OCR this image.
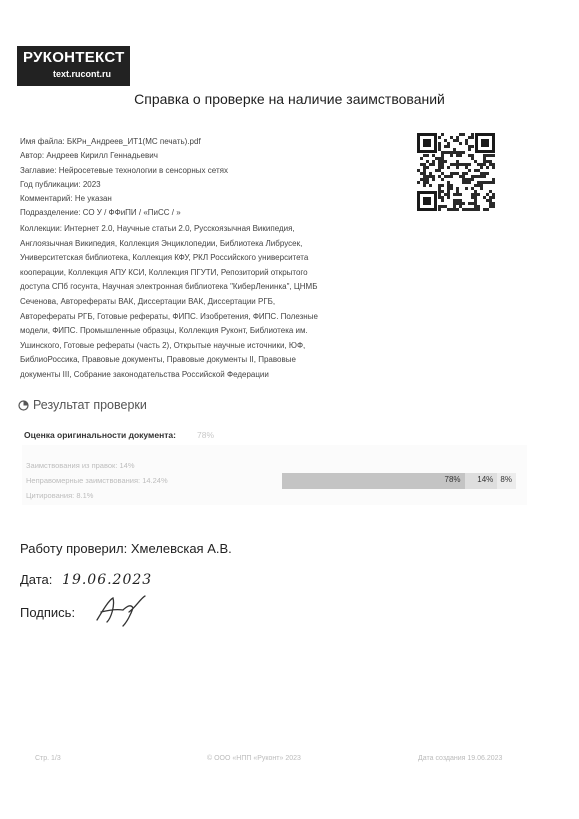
РУКОНТЕКСТ
text.rucont.ru
Справка о проверке на наличие заимствований
Имя файла: БКРн_Андреев_ИТ1(МС печать).pdf
Автор: Андреев Кирилл Геннадьевич
Заглавие: Нейросетевые технологии в сенсорных сетях
Год публикации: 2023
Комментарий: Не указан
Подразделение: СО У / ФФиПИ / «ПиСС / »
Коллекции: Интернет 2.0, Научные статьи 2.0, Русскоязычная Википедия,
Англоязычная Википедия, Коллекция Энциклопедии, Библиотека Либрусек,
Университетская библиотека, Коллекция КФУ, РКЛ Российского университета
кооперации, Коллекция АПУ КСИ, Коллекция ПГУТИ, Репозиторий открытого
доступа СПб госунта, Научная электронная библиотека "КиберЛенинка", ЦНМБ
Сеченова, Авторефераты ВАК, Диссертации ВАК, Диссертации РГБ,
Авторефераты РГБ, Готовые рефераты, ФИПС. Изобретения, ФИПС. Полезные
модели, ФИПС. Промышленные образцы, Коллекция Руконт, Библиотека им.
Ушинского, Готовые рефераты (часть 2), Открытые научные источники, ЮФ,
БиблиоРоссика, Правовые документы, Правовые документы II, Правовые
документы III, Собрание законодательства Российской Федерации
Результат проверки
Оценка оригинальности документа: 78%
Заимствования из правок: 14%
Неправомерные заимствования: 14.24%
Цитирования: 8.1%
78% 14% 8%
Работу проверил: Хмелевская А.В.
Дата: 19.06.2023
Подпись:
Стр. 1/3	© ООО «НПП «Руконт» 2023	Дата создания 19.06.2023
